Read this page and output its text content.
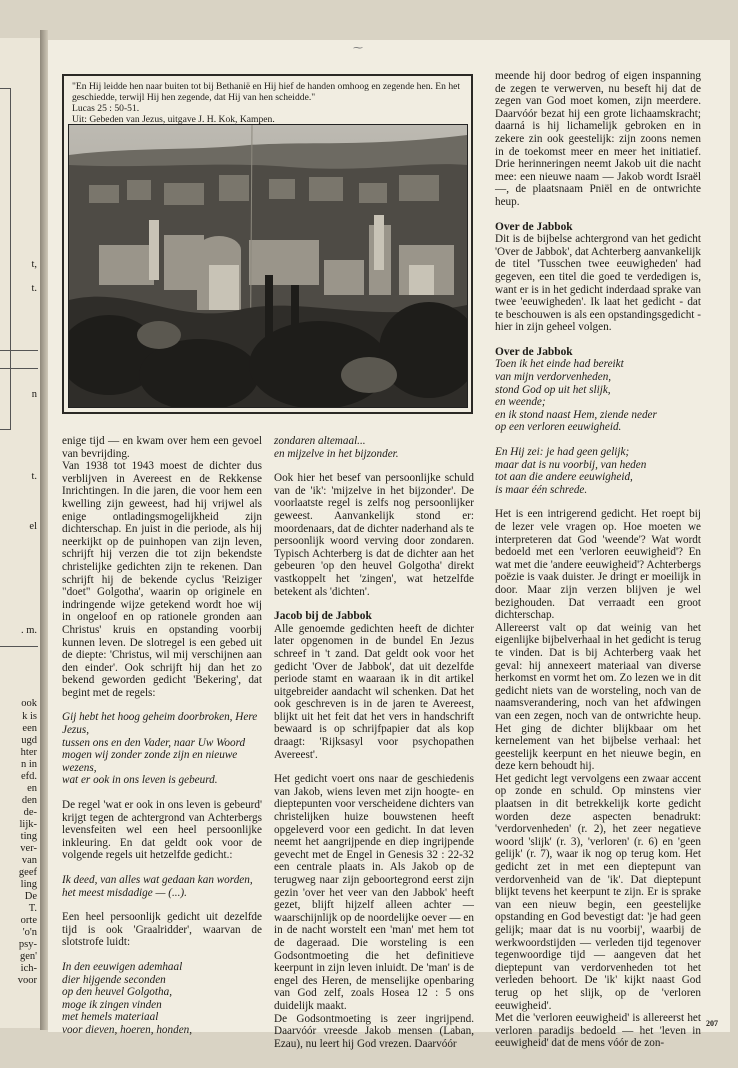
t,
t.
n
t.
el
. m.
ook
k is
een
ugd
hter
n in
efd.
en
den
de-
lijk-
ting
ver-
van
geef
ling
De
T.
orte
'o'n
psy-
gen'
ich-
voor
⁓

"En Hij leidde hen naar buiten tot bij Bethanië en Hij hief de handen omhoog en zegende hen. En het geschiedde, terwijl Hij hen zegende, dat Hij van hen scheidde."

Lucas 25 : 50-51.

Uit: Gebeden van Jezus, uitgave J. H. Kok, Kampen.

enige tijd — en kwam over hem een gevoel van bevrijding.

Van 1938 tot 1943 moest de dichter dus verblijven in Avereest en de Rekkense Inrichtingen. In die jaren, die voor hem een kwelling zijn geweest, had hij vrijwel als enige ontladingsmogelijkheid zijn dichterschap. En juist in die periode, als hij neerkijkt op de puinhopen van zijn leven, schrijft hij verzen die tot zijn bekendste christelijke gedichten zijn te rekenen. Dan schrijft hij de bekende cyclus 'Reiziger "doet" Golgotha', waarin op originele en indringende wijze getekend wordt hoe wij in ongeloof en op rationele gronden aan Christus' kruis en opstanding voorbij kunnen leven. De slotregel is een gebed uit de diepte: 'Christus, wil mij verschijnen aan den einder'. Ook schrijft hij dan het zo bekend geworden gedicht 'Bekering', dat begint met de regels:

Gij hebt het hoog geheim doorbroken, Here Jezus,
tussen ons en den Vader, naar Uw Woord mogen wij zonder zonde zijn en nieuwe wezens,
wat er ook in ons leven is gebeurd.

De regel 'wat er ook in ons leven is gebeurd' krijgt tegen de achtergrond van Achterbergs levensfeiten wel een heel persoonlijke inkleuring. En dat geldt ook voor de volgende regels uit hetzelfde gedicht.:

Ik deed, van alles wat gedaan kan worden, het meest misdadige — (...).

Een heel persoonlijk gedicht uit dezelfde tijd is ook 'Graalridder', waarvan de slotstrofe luidt:

In den eeuwigen ademhaal
dier hijgende seconden
op den heuvel Golgotha,
moge ik zingen vinden
met hemels materiaal
voor dieven, hoeren, honden,

zondaren altemaal...
en mijzelve in het bijzonder.

Ook hier het besef van persoonlijke schuld van de 'ik': 'mijzelve in het bijzonder'. De voorlaatste regel is zelfs nog persoonlijker geweest. Aanvankelijk stond er: moordenaars, dat de dichter naderhand als te persoonlijk woord verving door zondaren. Typisch Achterberg is dat de dichter aan het gebeuren 'op den heuvel Golgotha' direkt vastkoppelt het 'zingen', wat hetzelfde betekent als 'dichten'.

Jacob bij de Jabbok

Alle genoemde gedichten heeft de dichter later opgenomen in de bundel En Jezus schreef in 't zand. Dat geldt ook voor het gedicht 'Over de Jabbok', dat uit dezelfde periode stamt en waaraan ik in dit artikel uitgebreider aandacht wil schenken. Dat het ook geschreven is in de jaren te Avereest, blijkt uit het feit dat het vers in handschrift bewaard is op schrijfpapier dat als kop draagt: 'Rijksasyl voor psychopathen Avereest'.

Het gedicht voert ons naar de geschiedenis van Jakob, wiens leven met zijn hoogte- en dieptepunten voor verscheidene dichters van christelijken huize bouwstenen heeft opgeleverd voor een gedicht. In dat leven neemt het aangrijpende en diep ingrijpende gevecht met de Engel in Genesis 32 : 22-32 een centrale plaats in. Als Jakob op de terugweg naar zijn geboortegrond eerst zijn gezin 'over het veer van den Jabbok' heeft gezet, blijft hijzelf alleen achter — waarschijnlijk op de noordelijke oever — en in de nacht worstelt een 'man' met hem tot de dageraad. Die worsteling is een Godsontmoeting die het definitieve keerpunt in zijn leven inluidt. De 'man' is de engel des Heren, de menselijke openbaring van God zelf, zoals Hosea 12 : 5 ons duidelijk maakt.

De Godsontmoeting is zeer ingrijpend. Daarvóór vreesde Jakob mensen (Laban, Ezau), nu leert hij God vrezen. Daarvóór

meende hij door bedrog of eigen inspanning de zegen te verwerven, nu beseft hij dat de zegen van God moet komen, zijn meerdere. Daarvóór bezat hij een grote lichaamskracht; daarná is hij lichamelijk gebroken en in zekere zin ook geestelijk: zijn zoons nemen in de toekomst meer en meer het initiatief. Drie herinneringen neemt Jakob uit die nacht mee: een nieuwe naam — Jakob wordt Israël —, de plaatsnaam Pniël en de ontwrichte heup.

Over de Jabbok

Dit is de bijbelse achtergrond van het gedicht 'Over de Jabbok', dat Achterberg aanvankelijk de titel 'Tusschen twee eeuwigheden' had gegeven, een titel die goed te verdedigen is, want er is in het gedicht inderdaad sprake van twee 'eeuwigheden'. Ik laat het gedicht - dat te beschouwen is als een opstandingsgedicht - hier in zijn geheel volgen.

Over de Jabbok

Toen ik het einde had bereikt
van mijn verdorvenheden,
stond God op uit het slijk,
en weende;
en ik stond naast Hem, ziende neder
op een verloren eeuwigheid.

En Hij zei: je had geen gelijk;
maar dat is nu voorbij, van heden
tot aan die andere eeuwigheid,
is maar één schrede.

Het is een intrigerend gedicht. Het roept bij de lezer vele vragen op. Hoe moeten we interpreteren dat God 'weende'? Wat wordt bedoeld met een 'verloren eeuwigheid'? En wat met die 'andere eeuwigheid'? Achterbergs poëzie is vaak duister. Je dringt er moeilijk in door. Maar zijn verzen blijven je wel bezighouden. Dat verraadt een groot dichterschap.

Allereerst valt op dat weinig van het eigenlijke bijbelverhaal in het gedicht is terug te vinden. Dat is bij Achterberg vaak het geval: hij annexeert materiaal van diverse herkomst en vormt het om. Zo lezen we in dit gedicht niets van de worsteling, noch van de naamsverandering, noch van het afdwingen van een zegen, noch van de ontwrichte heup. Het ging de dichter blijkbaar om het kernelement van het bijbelse verhaal: het geestelijk keerpunt en het nieuwe begin, en deze kern behoudt hij.

Het gedicht legt vervolgens een zwaar accent op zonde en schuld. Op minstens vier plaatsen in dit betrekkelijk korte gedicht worden deze aspecten benadrukt: 'verdorvenheden' (r. 2), het zeer negatieve woord 'slijk' (r. 3), 'verloren' (r. 6) en 'geen gelijk' (r. 7), waar ik nog op terug kom. Het gedicht zet in met een dieptepunt van verdorvenheid van de 'ik'. Dat dieptepunt blijkt tevens het keerpunt te zijn. Er is sprake van een nieuw begin, een geestelijke opstanding en God bevestigt dat: 'je had geen gelijk; maar dat is nu voorbij', waarbij de werkwoordstijden — verleden tijd tegenover tegenwoordige tijd — aangeven dat het dieptepunt van verdorvenheden tot het verleden behoort. De 'ik' kijkt naast God terug op het slijk, op de 'verloren eeuwigheid'.

Met die 'verloren eeuwigheid' is allereerst het verloren paradijs bedoeld — het 'leven in eeuwigheid' dat de mens vóór de zon-

207
